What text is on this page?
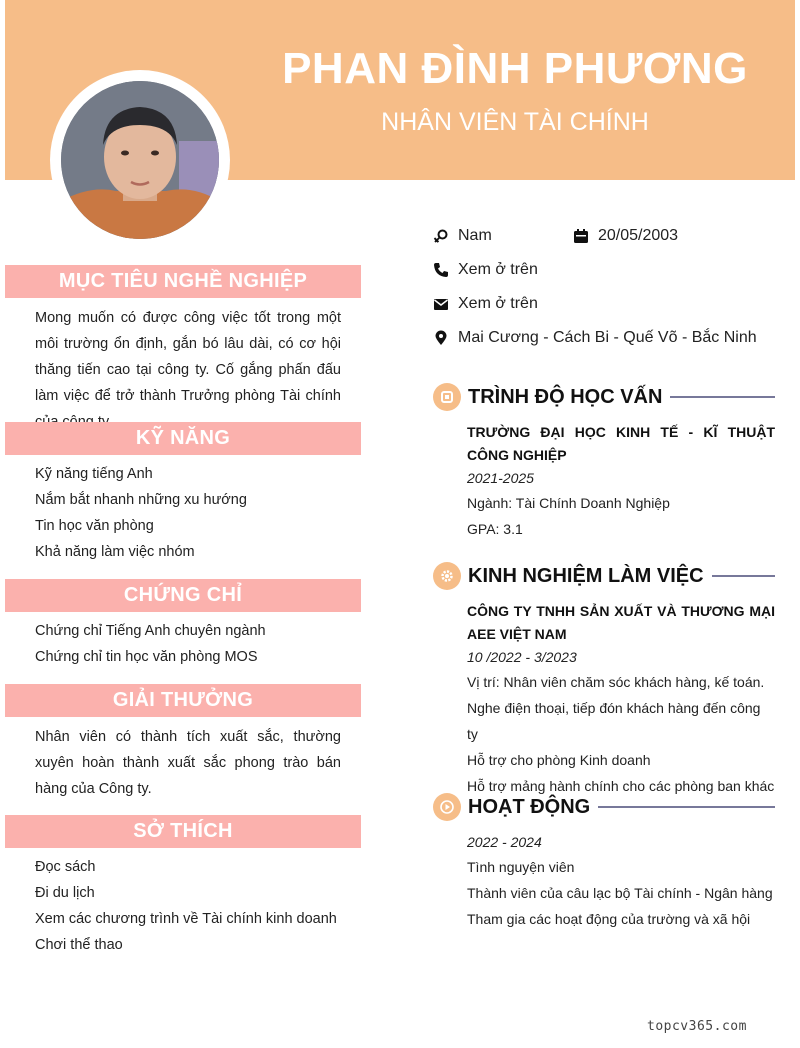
PHAN ĐÌNH PHƯƠNG
NHÂN VIÊN TÀI CHÍNH
Nam	20/05/2003
Xem ở trên
Xem ở trên
Mai Cương - Cách Bi - Quế Võ - Bắc Ninh
MỤC TIÊU NGHỀ NGHIỆP
Mong muốn có được công việc tốt trong một môi trường ổn định, gắn bó lâu dài, có cơ hội thăng tiến cao tại công ty. Cố gắng phấn đấu làm việc để trở thành Trưởng phòng Tài chính
KỸ NĂNG
Kỹ năng tiếng Anh
Nắm bắt nhanh những xu hướng
Tin học văn phòng
Khả năng làm việc nhóm
CHỨNG CHỈ
Chứng chỉ Tiếng Anh chuyên ngành
Chứng chỉ tin học văn phòng MOS
GIẢI THƯỞNG
Nhân viên có thành tích xuất sắc, thường xuyên hoàn thành xuất sắc phong trào bán hàng của Công ty.
SỞ THÍCH
Đọc sách
Đi du lịch
Xem các chương trình về Tài chính kinh doanh
Chơi thể thao
TRÌNH ĐỘ HỌC VẤN
TRƯỜNG ĐẠI HỌC KINH TẾ - KĨ THUẬT CÔNG NGHIỆP
2021-2025
Ngành: Tài Chính Doanh Nghiệp
GPA: 3.1
KINH NGHIỆM LÀM VIỆC
CÔNG TY TNHH SẢN XUẤT VÀ THƯƠNG MẠI AEE VIỆT NAM
10 /2022 - 3/2023
Vị trí: Nhân viên chăm sóc khách hàng, kế toán.
Nghe điện thoại, tiếp đón khách hàng đến công ty
Hỗ trợ cho phòng Kinh doanh
Hỗ trợ mảng hành chính cho các phòng ban khác
HOẠT ĐỘNG
2022 - 2024
Tình nguyện viên
Thành viên của câu lạc bộ Tài chính - Ngân hàng
Tham gia các hoạt động của trường và xã hội
topcv365.com
